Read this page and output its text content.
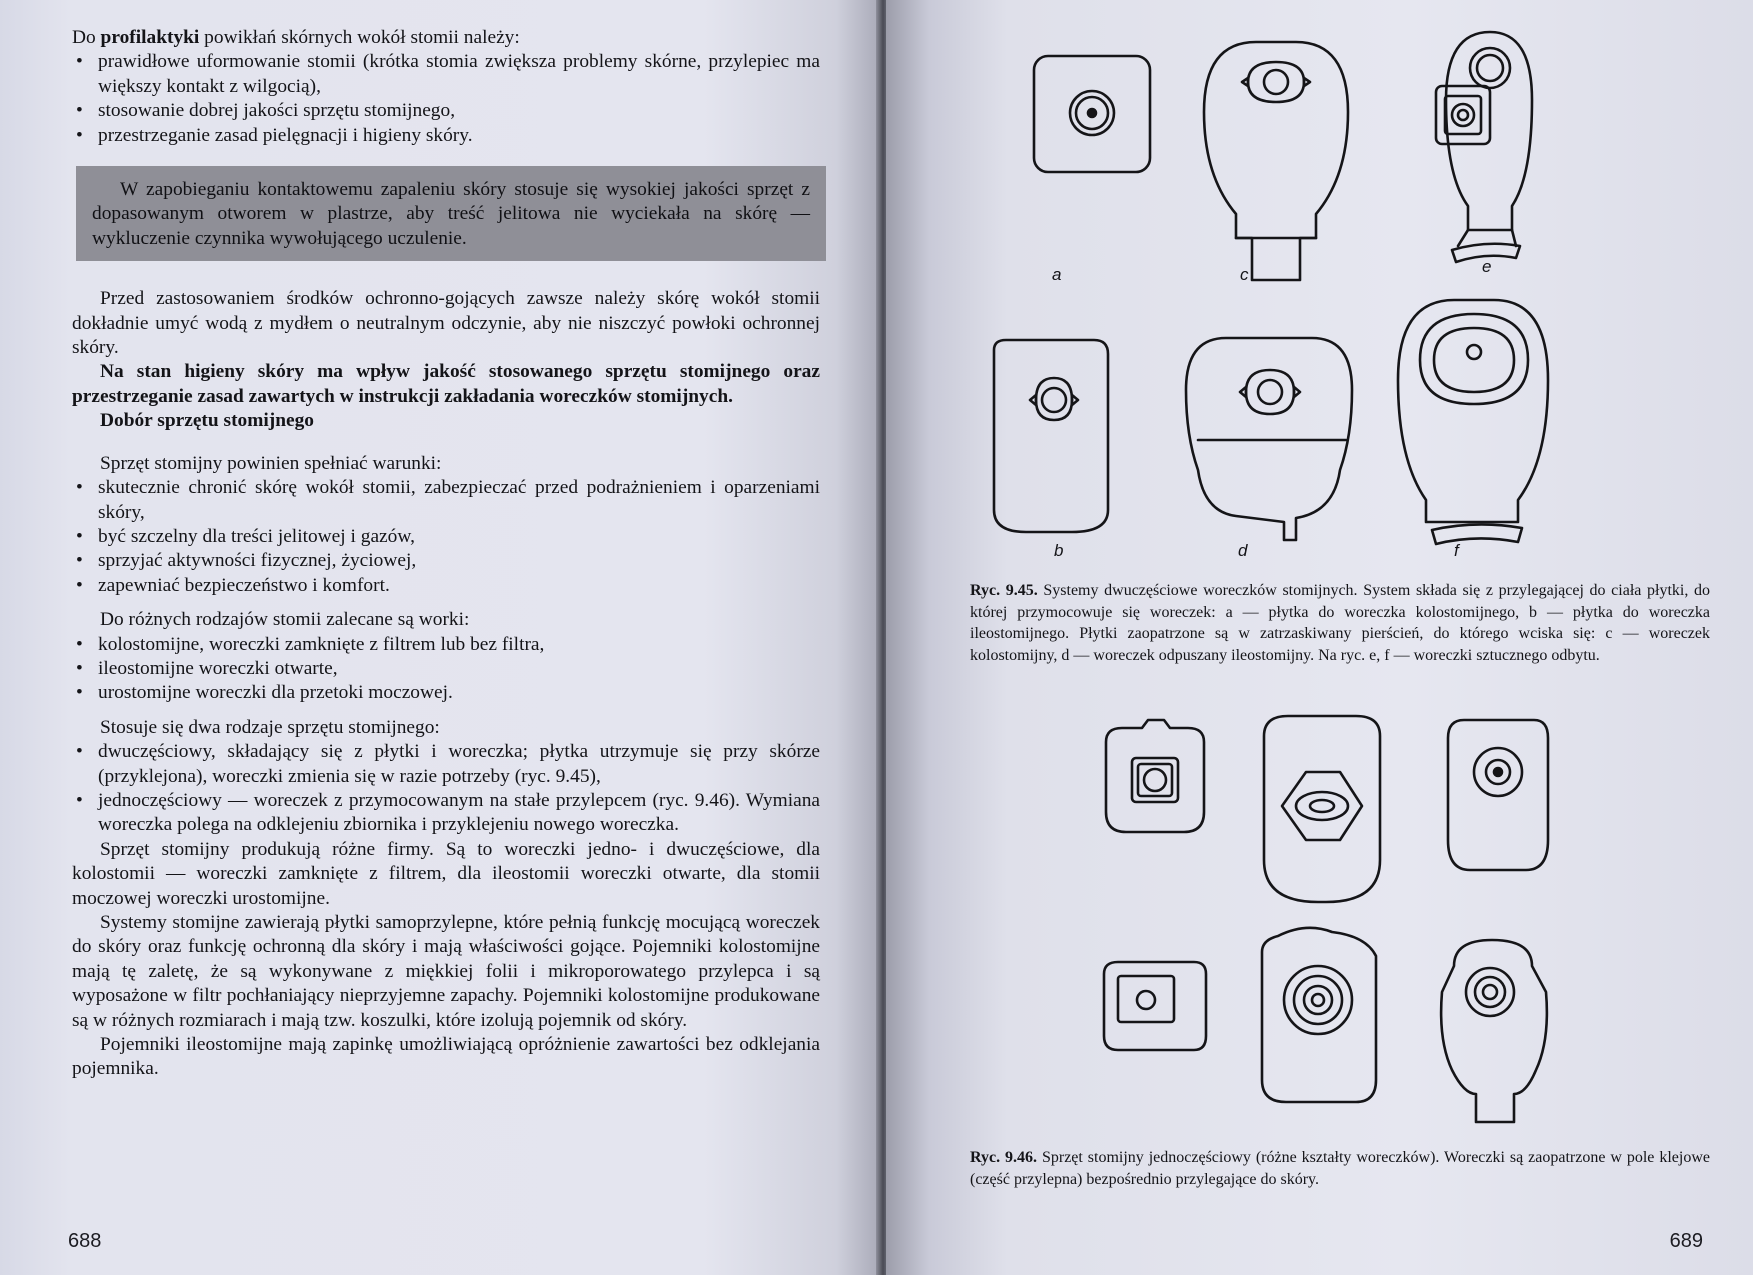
Do profilaktyki powikłań skórnych wokół stomii należy:

• prawidłowe uformowanie stomii (krótka stomia zwiększa problemy skórne, przylepiec ma większy kontakt z wilgocią),
• stosowanie dobrej jakości sprzętu stomijnego,
• przestrzeganie zasad pielęgnacji i higieny skóry.

W zapobieganiu kontaktowemu zapaleniu skóry stosuje się wysokiej jakości sprzęt z dopasowanym otworem w plastrze, aby treść jelitowa nie wyciekała na skórę — wykluczenie czynnika wywołującego uczulenie.

Przed zastosowaniem środków ochronno-gojących zawsze należy skórę wokół stomii dokładnie umyć wodą z mydłem o neutralnym odczynie, aby nie niszczyć powłoki ochronnej skóry.

Na stan higieny skóry ma wpływ jakość stosowanego sprzętu stomijnego oraz przestrzeganie zasad zawartych w instrukcji zakładania woreczków stomijnych.

Dobór sprzętu stomijnego

Sprzęt stomijny powinien spełniać warunki:

• skutecznie chronić skórę wokół stomii, zabezpieczać przed podrażnieniem i oparzeniami skóry,
• być szczelny dla treści jelitowej i gazów,
• sprzyjać aktywności fizycznej, życiowej,
• zapewniać bezpieczeństwo i komfort.

Do różnych rodzajów stomii zalecane są worki:

• kolostomijne, woreczki zamknięte z filtrem lub bez filtra,
• ileostomijne woreczki otwarte,
• urostomijne woreczki dla przetoki moczowej.

Stosuje się dwa rodzaje sprzętu stomijnego:

• dwuczęściowy, składający się z płytki i woreczka; płytka utrzymuje się przy skórze (przyklejona), woreczki zmienia się w razie potrzeby (ryc. 9.45),
• jednoczęściowy — woreczek z przymocowanym na stałe przylepcem (ryc. 9.46). Wymiana woreczka polega na odklejeniu zbiornika i przyklejeniu nowego woreczka.

Sprzęt stomijny produkują różne firmy. Są to woreczki jedno- i dwuczęściowe, dla kolostomii — woreczki zamknięte z filtrem, dla ileostomii woreczki otwarte, dla stomii moczowej woreczki urostomijne.

Systemy stomijne zawierają płytki samoprzylepne, które pełnią funkcję mocującą woreczek do skóry oraz funkcję ochronną dla skóry i mają właściwości gojące. Pojemniki kolostomijne mają tę zaletę, że są wykonywane z miękkiej folii i mikroporowatego przylepca i są wyposażone w filtr pochłaniający nieprzyjemne zapachy. Pojemniki kolostomijne produkowane są w różnych rozmiarach i mają tzw. koszulki, które izolują pojemnik od skóry.

Pojemniki ileostomijne mają zapinkę umożliwiającą opróżnienie zawartości bez odklejania pojemnika.

688
a	c	e
b	d	f
Ryc. 9.45. Systemy dwuczęściowe woreczków stomijnych. System składa się z przylegającej do ciała płytki, do której przymocowuje się woreczek: a — płytka do woreczka kolostomijnego, b — płytka do woreczka ileostomijnego. Płytki zaopatrzone są w zatrzaskiwany pierścień, do którego wciska się: c — woreczek kolostomijny, d — woreczek odpuszany ileostomijny. Na ryc. e, f — woreczki sztucznego odbytu.
Ryc. 9.46. Sprzęt stomijny jednoczęściowy (różne kształty woreczków). Woreczki są zaopatrzone w pole klejowe (część przylepna) bezpośrednio przylegające do skóry.
689
